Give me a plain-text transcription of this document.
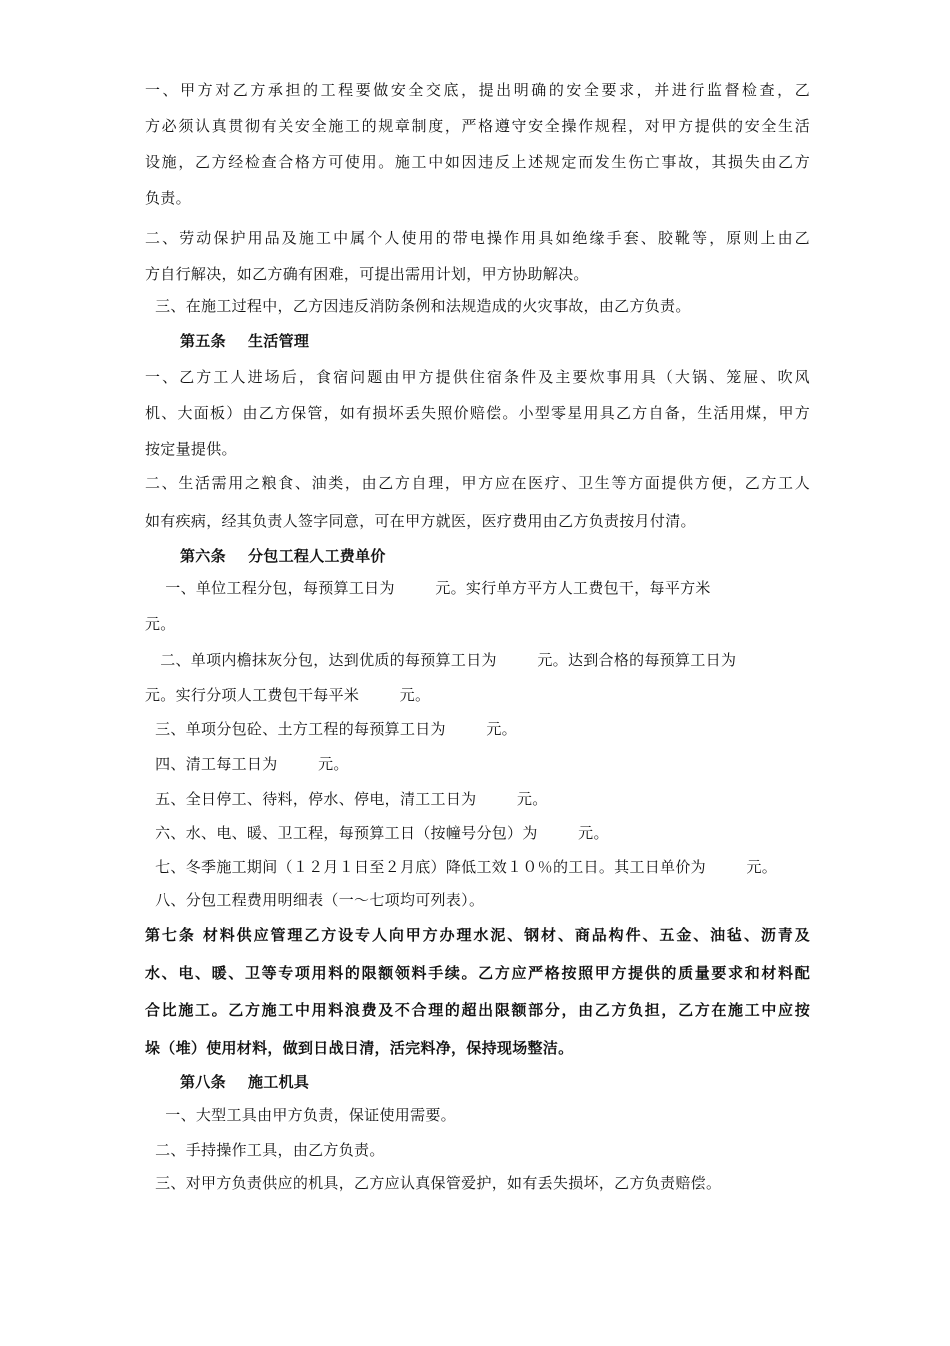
一、甲方对乙方承担的工程要做安全交底，提出明确的安全要求，并进行监督检查，乙
方必须认真贯彻有关安全施工的规章制度，严格遵守安全操作规程，对甲方提供的安全生活
设施，乙方经检查合格方可使用。施工中如因违反上述规定而发生伤亡事故，其损失由乙方
负责。
二、劳动保护用品及施工中属个人使用的带电操作用具如绝缘手套、胶靴等，原则上由乙
方自行解决，如乙方确有困难，可提出需用计划，甲方协助解决。
三、在施工过程中，乙方因违反消防条例和法规造成的火灾事故，由乙方负责。
第五条    生活管理
一、乙方工人进场后，食宿问题由甲方提供住宿条件及主要炊事用具（大锅、笼屉、吹风
机、大面板）由乙方保管，如有损坏丢失照价赔偿。小型零星用具乙方自备，生活用煤，甲方
按定量提供。
二、生活需用之粮食、油类，由乙方自理，甲方应在医疗、卫生等方面提供方便，乙方工人
如有疾病，经其负责人签字同意，可在甲方就医，医疗费用由乙方负责按月付清。
第六条    分包工程人工费单价
一、单位工程分包，每预算工日为        元。实行单方平方人工费包干，每平方米
元。
二、单项内檐抹灰分包，达到优质的每预算工日为        元。达到合格的每预算工日为
元。实行分项人工费包干每平米        元。
三、单项分包砼、土方工程的每预算工日为        元。
四、清工每工日为        元。
五、全日停工、待料，停水、停电，清工工日为        元。
六、水、电、暖、卫工程，每预算工日（按幢号分包）为        元。
七、冬季施工期间（１２月１日至２月底）降低工效１０％的工日。其工日单价为        元。
八、分包工程费用明细表（一～七项均可列表）。
第七条 材料供应管理乙方设专人向甲方办理水泥、钢材、商品构件、五金、油毡、沥青及
水、电、暖、卫等专项用料的限额领料手续。乙方应严格按照甲方提供的质量要求和材料配
合比施工。乙方施工中用料浪费及不合理的超出限额部分，由乙方负担，乙方在施工中应按
垛（堆）使用材料，做到日战日清，活完料净，保持现场整洁。
第八条    施工机具
一、大型工具由甲方负责，保证使用需要。
二、手持操作工具，由乙方负责。
三、对甲方负责供应的机具，乙方应认真保管爱护，如有丢失损坏，乙方负责赔偿。
